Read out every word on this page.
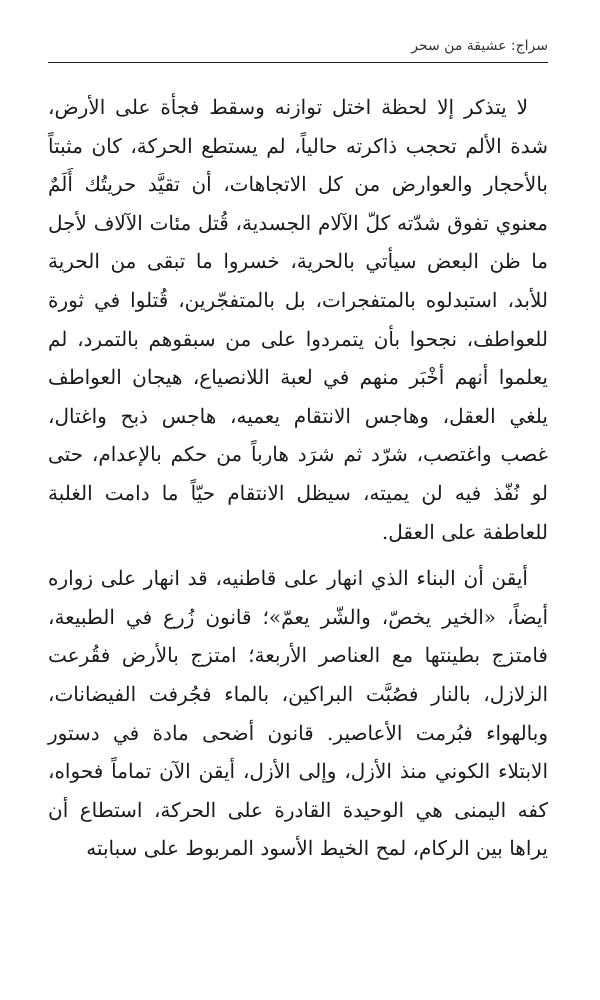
سراج: عشيقة من سحر

لا يتذكر إلا لحظة اختل توازنه وسقط فجأة على الأرض، شدة الألم تحجب ذاكرته حالياً، لم يستطع الحركة، كان مثبتاً بالأحجار والعوارض من كل الاتجاهات، أن تقيَّد حريتُك أَلَمٌ معنوي تفوق شدّته كلّ الآلام الجسدية، قُتل مئات الآلاف لأجل ما ظن البعض سيأتي بالحرية، خسروا ما تبقى من الحرية للأبد، استبدلوه بالمتفجرات، بل بالمتفجّرين، قُتلوا في ثورة للعواطف، نجحوا بأن يتمردوا على من سبقوهم بالتمرد، لم يعلموا أنهم أخْبَر منهم في لعبة اللانصياع، هيجان العواطف يلغي العقل، وهاجس الانتقام يعميه، هاجس ذبح واغتال، غصب واغتصب، شرّد ثم شرَد هارباً من حكم بالإعدام، حتى لو نُفّذ فيه لن يميته، سيظل الانتقام حيّاً ما دامت الغلبة للعاطفة على العقل.

أيقن أن البناء الذي انهار على قاطنيه، قد انهار على زواره أيضاً، «الخير يخصّ، والشّر يعمّ»؛ قانون زُرع في الطبيعة، فامتزج بطينتها مع العناصر الأربعة؛ امتزج بالأرض فقُرعت الزلازل، بالنار فصُبَّت البراكين، بالماء فجُرفت الفيضانات، وبالهواء فبُرمت الأعاصير. قانون أضحى مادة في دستور الابتلاء الكوني منذ الأزل، وإلى الأزل، أيقن الآن تماماً فحواه، كفه اليمنى هي الوحيدة القادرة على الحركة، استطاع أن يراها بين الركام، لمح الخيط الأسود المربوط على سبابته
